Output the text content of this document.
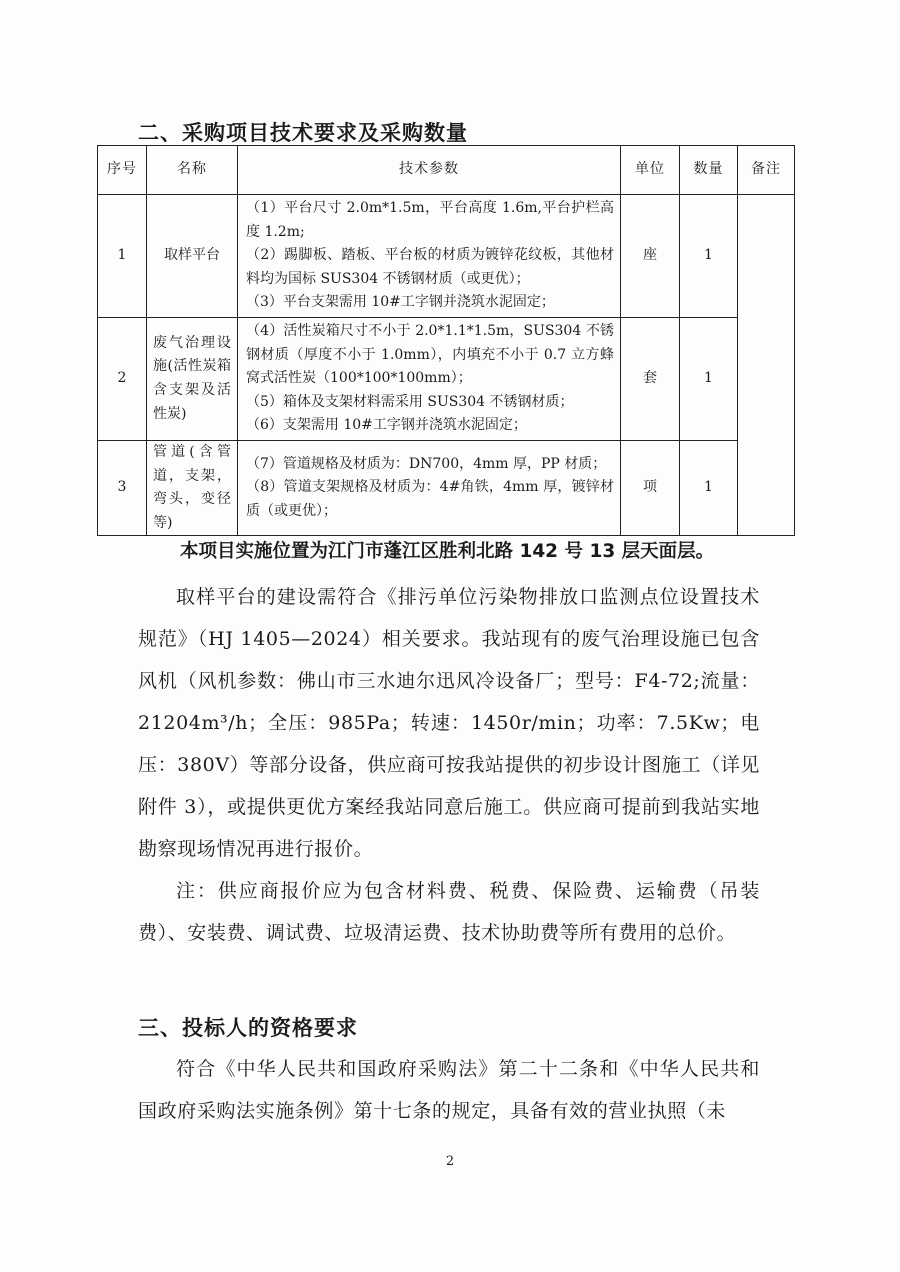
二、采购项目技术要求及采购数量
序号	名称	技术参数	单位	数量	备注
1	取样平台	（1）平台尺寸 2.0m*1.5m，平台高度 1.6m,平台护栏高度 1.2m;
（2）踢脚板、踏板、平台板的材质为镀锌花纹板，其他材料均为国标 SUS304 不锈钢材质（或更优）；
（3）平台支架需用 10#工字钢并浇筑水泥固定；	座	1	
2	废气治理设施(活性炭箱含支架及活性炭)	（4）活性炭箱尺寸不小于 2.0*1.1*1.5m，SUS304 不锈钢材质（厚度不小于 1.0mm），内填充不小于 0.7 立方蜂窝式活性炭（100*100*100mm）；
（5）箱体及支架材料需采用 SUS304 不锈钢材质；
（6）支架需用 10#工字钢并浇筑水泥固定；	套	1	
3	管道(含管道，支架，弯头，变径等)	（7）管道规格及材质为：DN700，4mm 厚，PP 材质；
（8）管道支架规格及材质为：4#角铁，4mm 厚，镀锌材质（或更优）；	项	1	
本项目实施位置为江门市蓬江区胜利北路 142 号 13 层天面层。
取样平台的建设需符合《排污单位污染物排放口监测点位设置技术规范》（HJ 1405—2024）相关要求。我站现有的废气治理设施已包含风机（风机参数：佛山市三水迪尔迅风冷设备厂；型号：F4-72;流量：21204m³/h；全压：985Pa；转速：1450r/min；功率：7.5Kw；电压：380V）等部分设备，供应商可按我站提供的初步设计图施工（详见附件 3），或提供更优方案经我站同意后施工。供应商可提前到我站实地勘察现场情况再进行报价。
注：供应商报价应为包含材料费、税费、保险费、运输费（吊装费）、安装费、调试费、垃圾清运费、技术协助费等所有费用的总价。
三、投标人的资格要求
符合《中华人民共和国政府采购法》第二十二条和《中华人民共和国政府采购法实施条例》第十七条的规定，具备有效的营业执照（未
2
